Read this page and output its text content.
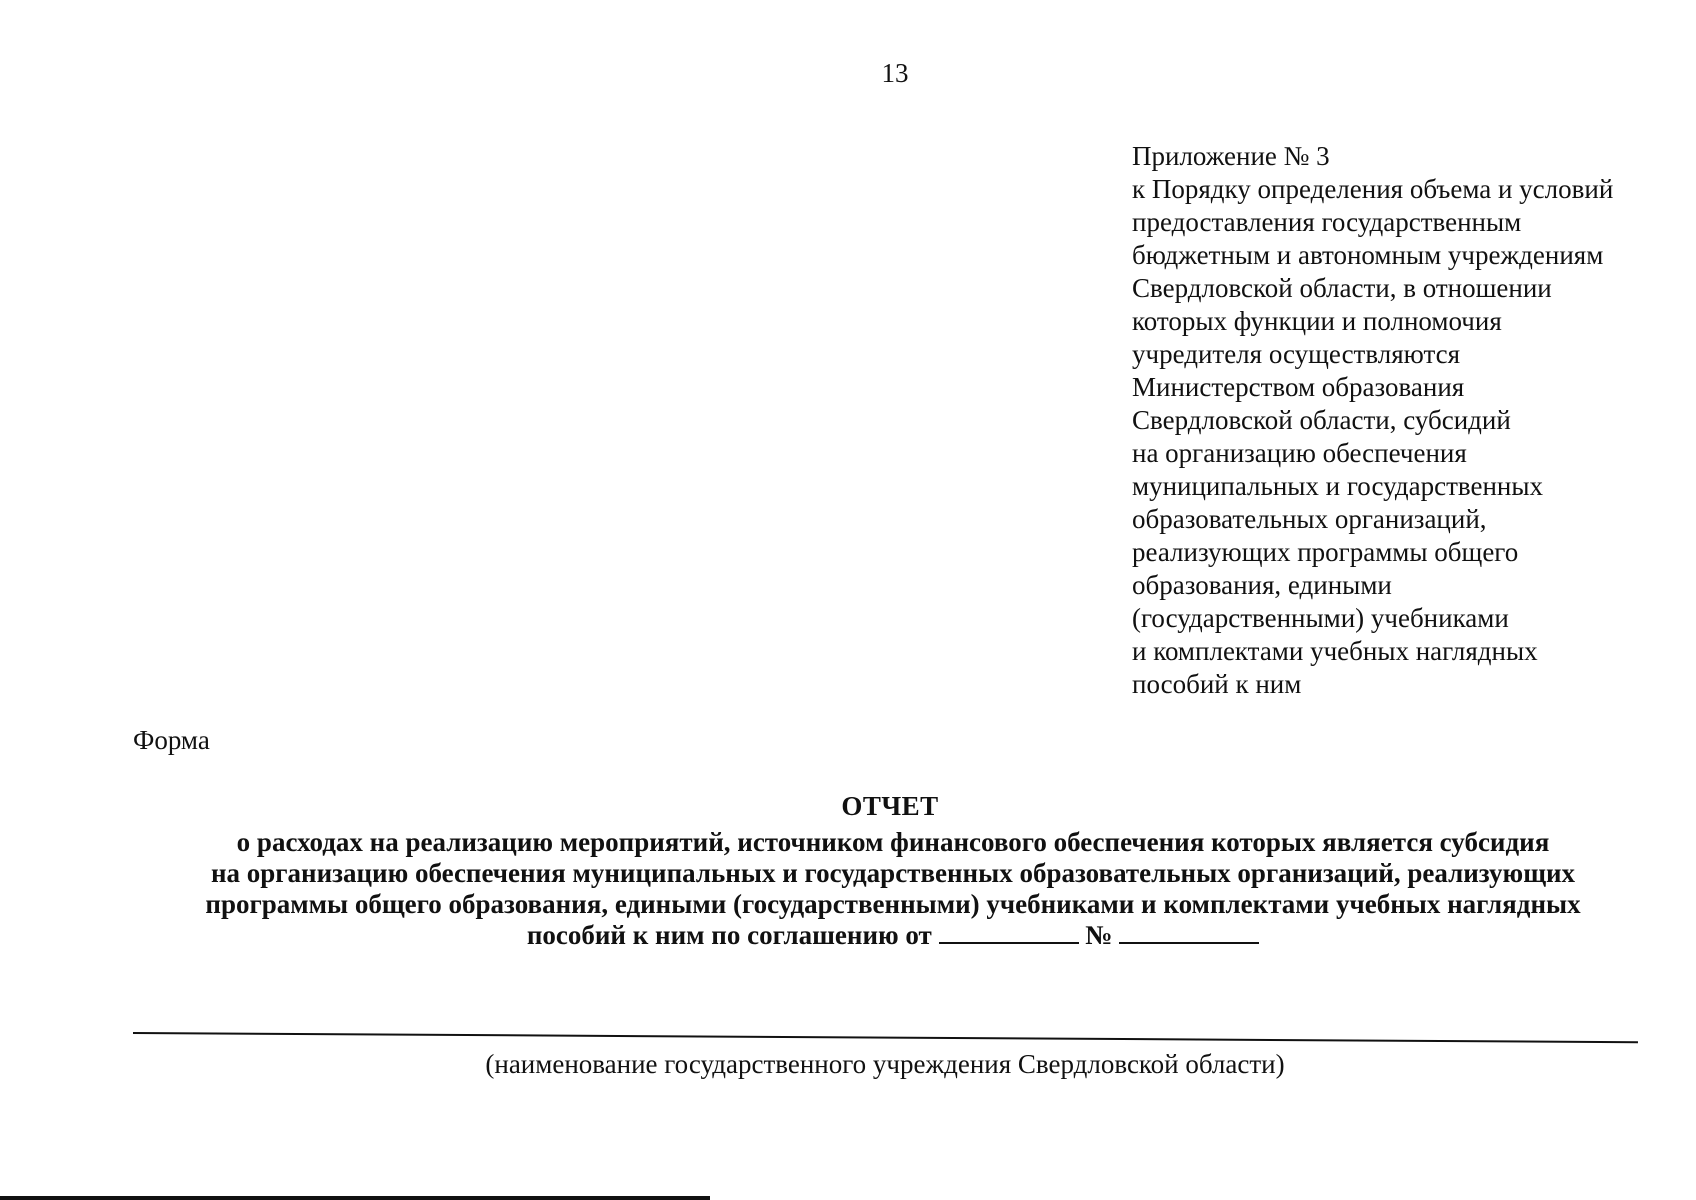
13
Приложение № 3
к Порядку определения объема и условий
предоставления государственным
бюджетным и автономным учреждениям
Свердловской области, в отношении
которых функции и полномочия
учредителя осуществляются
Министерством образования
Свердловской области, субсидий
на организацию обеспечения
муниципальных и государственных
образовательных организаций,
реализующих программы общего
образования, едиными
(государственными) учебниками
и комплектами учебных наглядных
пособий к ним
Форма
ОТЧЕТ
о расходах на реализацию мероприятий, источником финансового обеспечения которых является субсидия
на организацию обеспечения муниципальных и государственных образовательных организаций, реализующих
программы общего образования, едиными (государственными) учебниками и комплектами учебных наглядных
пособий к ним по соглашению от	№
(наименование государственного учреждения Свердловской области)
